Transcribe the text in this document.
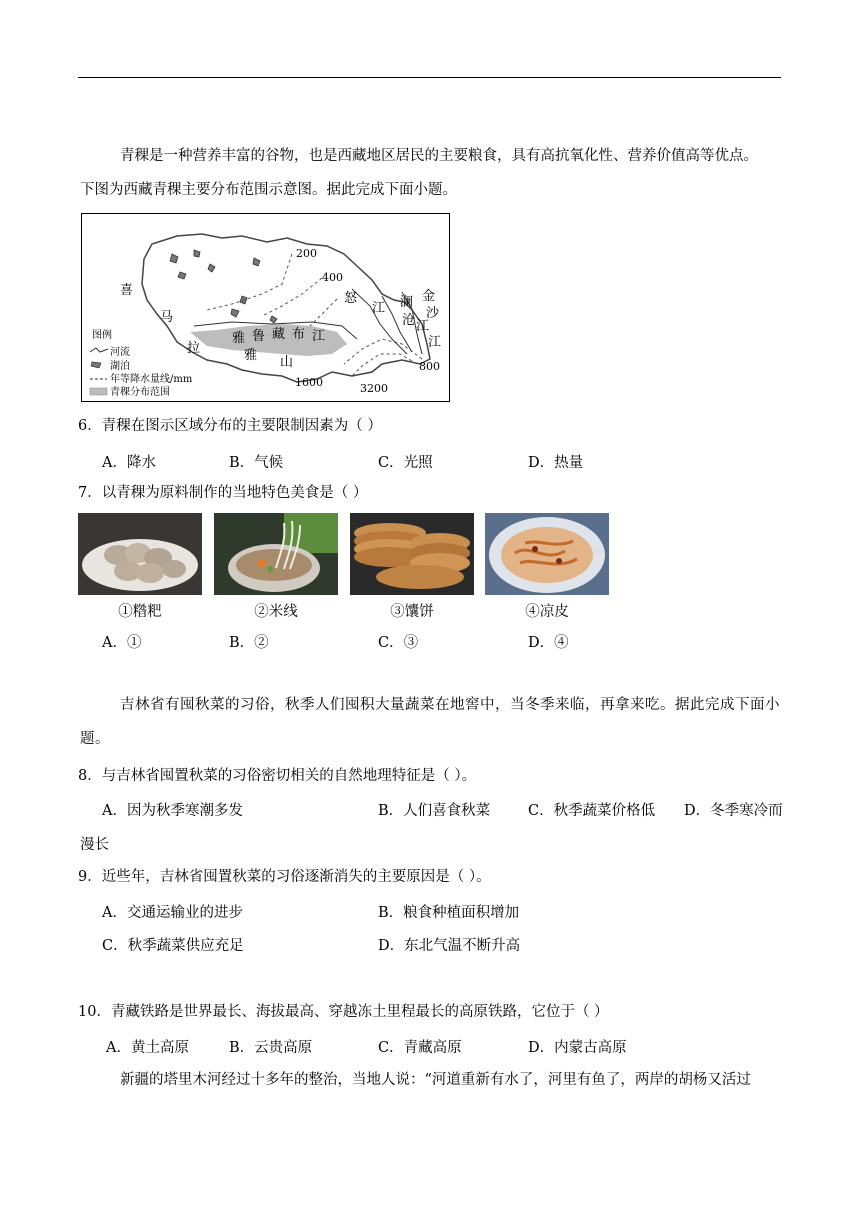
青稞是一种营养丰富的谷物，也是西藏地区居民的主要粮食，具有高抗氧化性、营养价值高等优点。
下图为西藏青稞主要分布范围示意图。据此完成下面小题。
喜
马
拉	雅 山
雅 鲁 藏 布 江
怒
江 澜
沧 江
金
沙
江
200
400
800
1600	3200
图例
河流
湖泊
年等降水量线/mm
青稞分布范围
6．青稞在图示区域分布的主要限制因素为（ ）
A．降水	B．气候	C．光照	D．热量
7．以青稞为原料制作的当地特色美食是（ ）
①糌粑	②米线	③馕饼	④凉皮
A．①	B．②	C．③	D．④
吉林省有囤秋菜的习俗，秋季人们囤积大量蔬菜在地窖中，当冬季来临，再拿来吃。据此完成下面小题。
8．与吉林省囤置秋菜的习俗密切相关的自然地理特征是（ ）。
A．因为秋季寒潮多发	B．人们喜食秋菜	C．秋季蔬菜价格低 D．冬季寒冷而
漫长
9．近些年，吉林省囤置秋菜的习俗逐渐消失的主要原因是（ ）。
A．交通运输业的进步	B．粮食种植面积增加
C．秋季蔬菜供应充足	D．东北气温不断升高
10．青藏铁路是世界最长、海拔最高、穿越冻土里程最长的高原铁路，它位于（ ）
A．黄土高原	B．云贵高原	C．青藏高原	D．内蒙古高原
新疆的塔里木河经过十多年的整治，当地人说：“河道重新有水了，河里有鱼了，两岸的胡杨又活过
